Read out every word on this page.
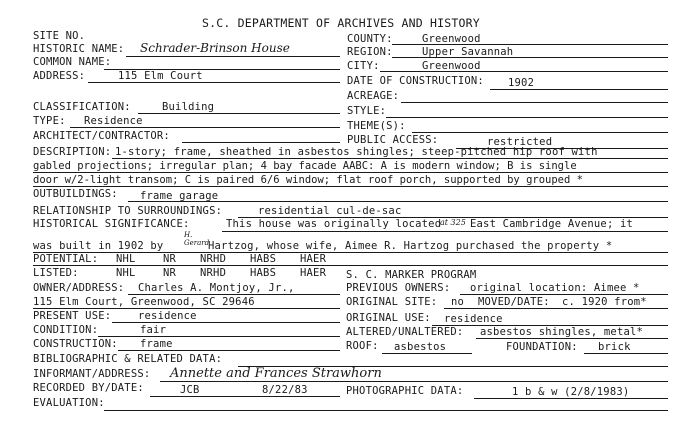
S.C. DEPARTMENT OF ARCHIVES AND HISTORY
SITE NO.	COUNTY:	Greenwood
HISTORIC NAME: Schrader-Brinson House	REGION:	Upper Savannah
COMMON NAME:	CITY:	Greenwood
ADDRESS:	115 Elm Court	DATE OF CONSTRUCTION: 1902
ACREAGE:
CLASSIFICATION:	Building	STYLE:
TYPE: Residence	THEME(S):
ARCHITECT/CONTRACTOR:	PUBLIC ACCESS:	restricted
DESCRIPTION: 1-story; frame, sheathed in asbestos shingles; steep-pitched hip roof with
gabled projections; irregular plan; 4 bay facade AABC: A is modern window; B is single
door w/2-light transom; C is paired 6/6 window; flat roof porch, supported by grouped *
OUTBUILDINGS: frame garage
RELATIONSHIP TO SURROUNDINGS:	residential cul-de-sac
HISTORICAL SIGNIFICANCE:	This house was originally located
at 325 East Cambridge Avenue; it
was built in 1902 by
H. Gerard
Hartzog, whose wife, Aimee R. Hartzog purchased the property *
POTENTIAL: NHL	NR NRHD HABS HAER
LISTED:	NHL	NR NRHD HABS HAER S. C. MARKER PROGRAM
OWNER/ADDRESS: Charles A. Montjoy, Jr.,	PREVIOUS OWNERS: original location: Aimee *
115 Elm Court, Greenwood, SC 29646	ORIGINAL SITE: no MOVED/DATE: c. 1920 from*
PRESENT USE:	residence	ORIGINAL USE: residence
CONDITION:	fair	ALTERED/UNALTERED: asbestos shingles, metal*
CONSTRUCTION: frame	ROOF: asbestos	FOUNDATION: brick
BIBLIOGRAPHIC & RELATED DATA:
INFORMANT/ADDRESS: Annette and Frances Strawhorn
RECORDED BY/DATE:	JCB	8/22/83	PHOTOGRAPHIC DATA:	1 b & w (2/8/1983)
EVALUATION:
